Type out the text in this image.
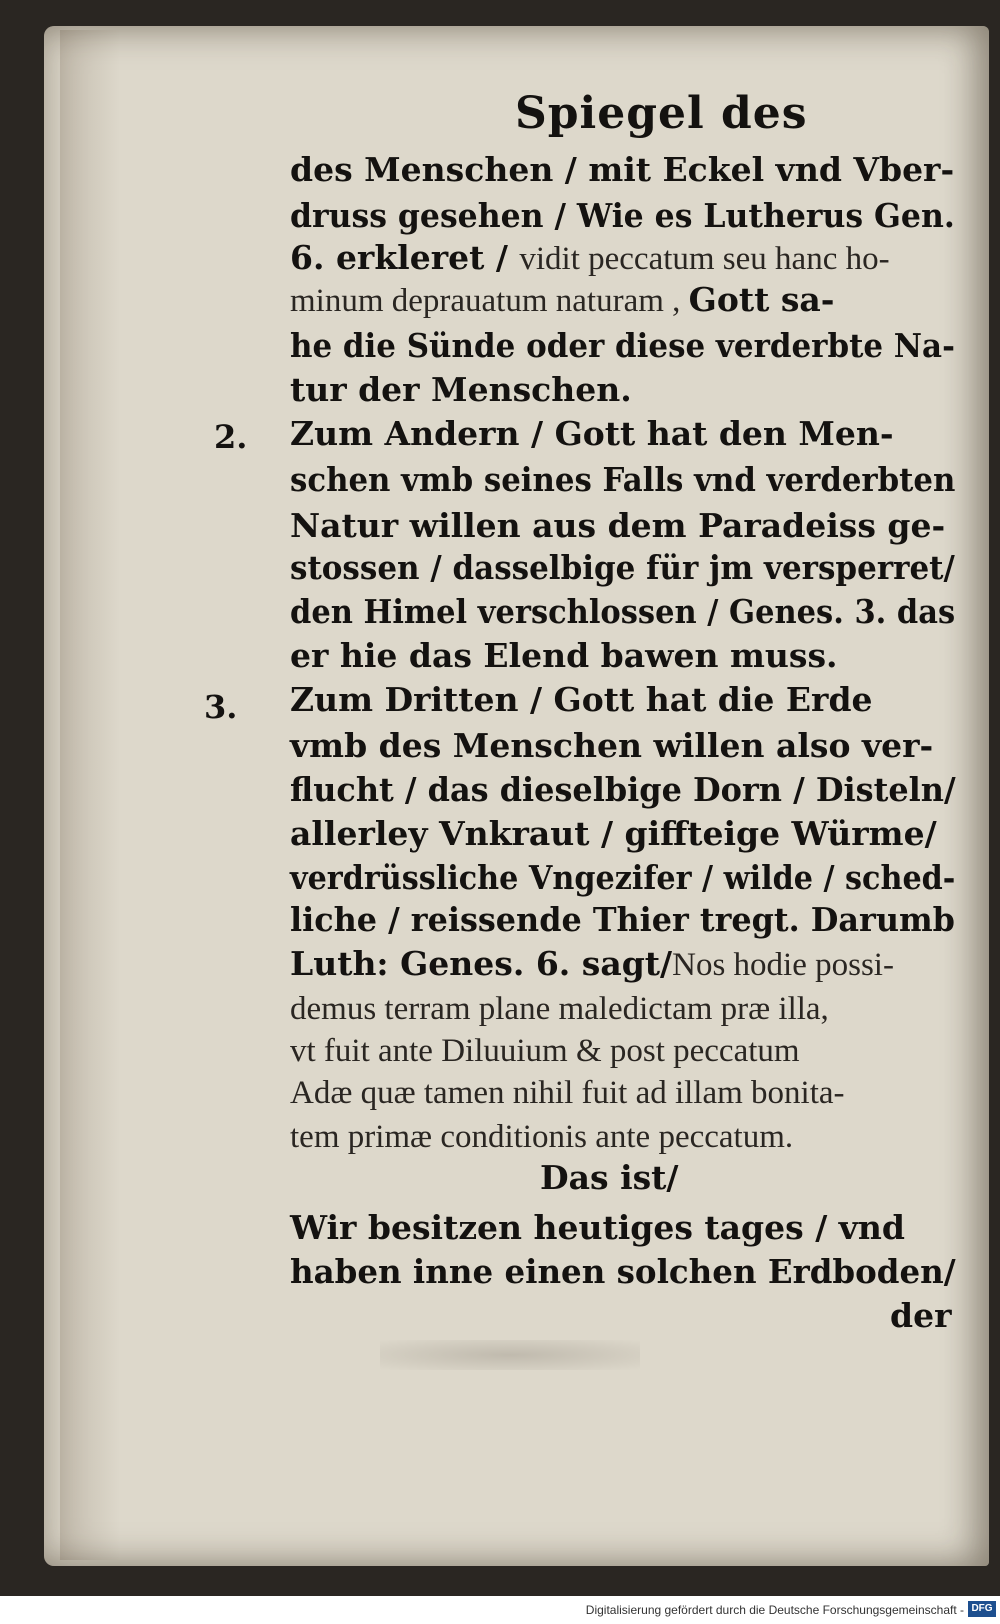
Spiegel des
2.
3.
des Menschen / mit Eckel vnd Vber-
druss gesehen / Wie es Lutherus Gen.
6. erkleret / vidit peccatum seu hanc ho-
minum deprauatum naturam , Gott sa-
he die Sünde oder diese verderbte Na-
tur der Menschen.
Zum Andern / Gott hat den Men-
schen vmb seines Falls vnd verderbten
Natur willen aus dem Paradeiss ge-
stossen / dasselbige für jm versperret/
den Himel verschlossen / Genes. 3. das
er hie das Elend bawen muss.
Zum Dritten / Gott hat die Erde
vmb des Menschen willen also ver-
flucht / das dieselbige Dorn / Disteln/
allerley Vnkraut / giffteige Würme/
verdrüssliche Vngezifer / wilde / sched-
liche / reissende Thier tregt. Darumb
Luth: Genes. 6. sagt/Nos hodie possi-
demus terram plane maledictam præ illa,
vt fuit ante Diluuium & post peccatum
Adæ quæ tamen nihil fuit ad illam bonita-
tem primæ conditionis ante peccatum.
Das ist/
Wir besitzen heutiges tages / vnd
haben inne einen solchen Erdboden/
der
Digitalisierung gefördert durch die Deutsche Forschungsgemeinschaft - DFG
